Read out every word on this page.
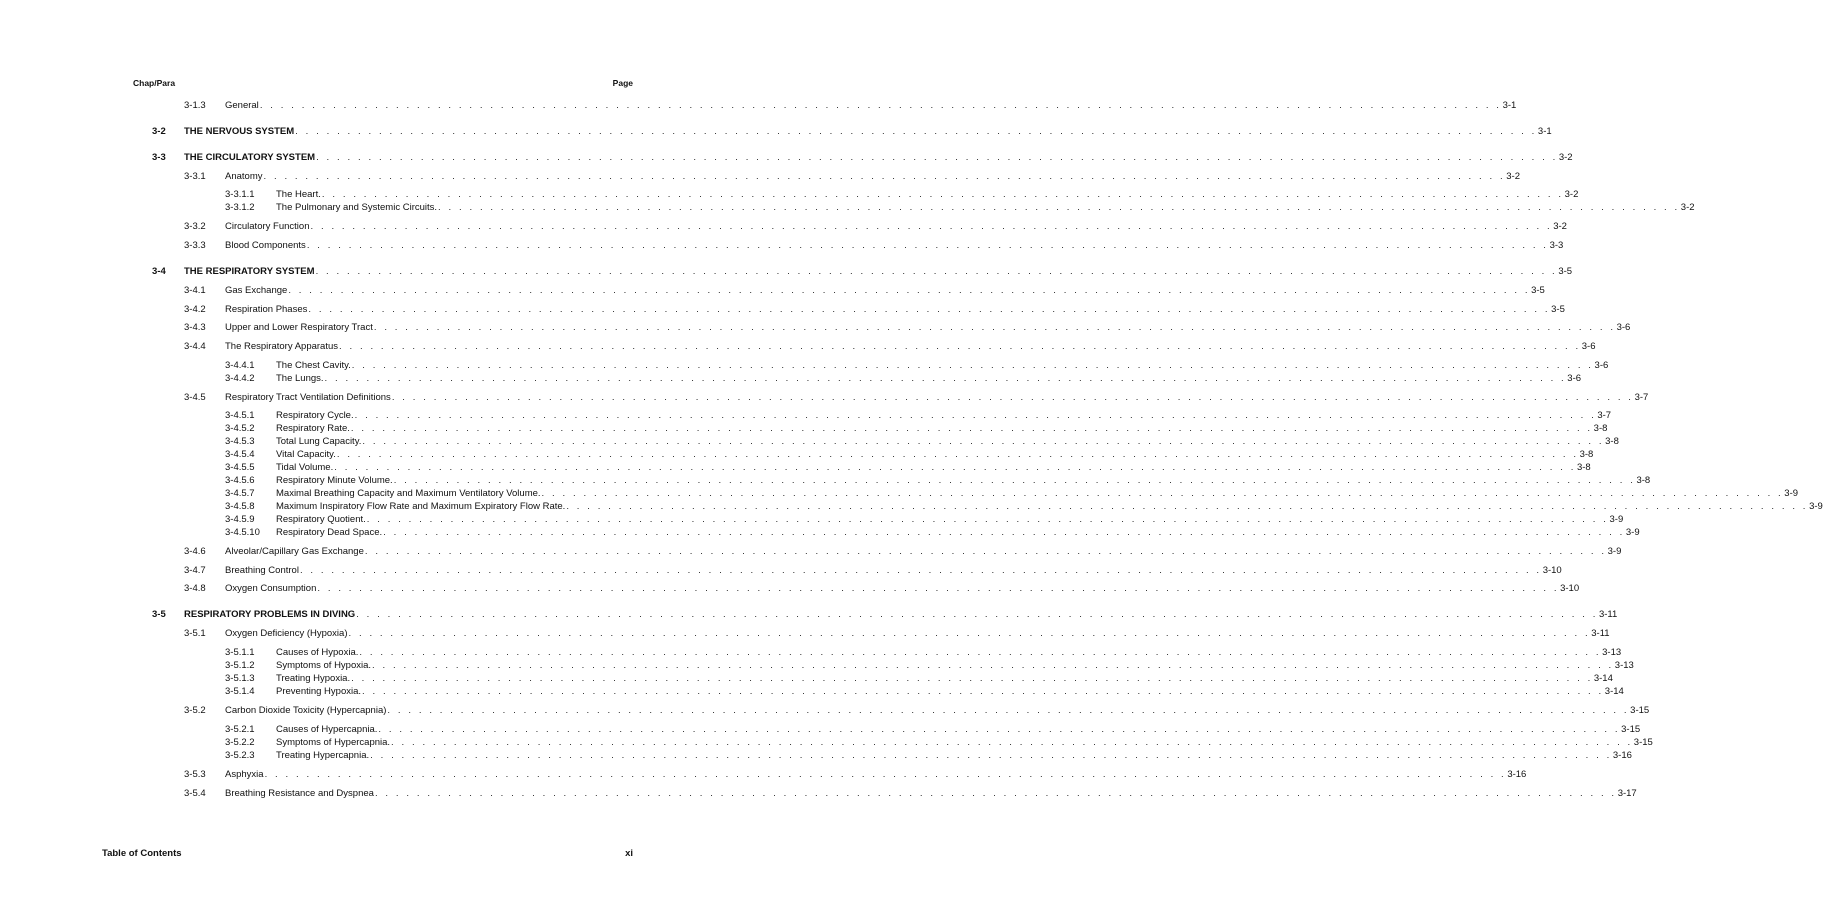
Chap/Para	Page
3-1.3 General . . . . . . . . . . . . . . . . . . . . . . . . . . . . . . . . . . . . . . . . . . . . . . . . . . . . . . . . . . . . . . . . . . . . . . . . . . . . . . . . . . . . . . . . . . . . . . . . . . . . . . . . . . . . . . . . . . . . . . . 3-1
3-2 THE NERVOUS SYSTEM . . . . . . . . . . . . . . . . . . . . . . . . . . . . . . . . . . . . . . . . . . . . . . . . . . . . . . . . . . . . . . . . . . . . . . . . . . . . . . . . . . . . . . . . . . . . . . . . . . . . . . . . . . . . . . . . . . . . . . . 3-1
3-3 THE CIRCULATORY SYSTEM . . . . . . . . . . . . . . . . . . . . . . . . . . . . . . . . . . . . . . . . . . . . . . . . . . . . . . . . . . . . . . . . . . . . . . . . . . . . . . . . . . . . . . . . . . . . . . . . . . . . . . . . . . . . . . . . . . . . . . . 3-2
3-3.1 Anatomy . . . . . . . . . . . . . . . . . . . . . . . . . . . . . . . . . . . . . . . . . . . . . . . . . . . . . . . . . . . . . . . . . . . . . . . . . . . . . . . . . . . . . . . . . . . . . . . . . . . . . . . . . . . . . . . . . . . . . . . 3-2
3-3.1.1 The Heart. . . . . . . . . . . . . . . . . . . . . . . . . . . . . . . . . . . . . . . . . . . . . . . . . . . . . . . . . . . . . . . . . . . . . . . . . . . . . . . . . . . . . . . . . . . . . . . . . . . . . . . . . . . . . . . . . . . . . . . . 3-2
3-3.1.2 The Pulmonary and Systemic Circuits. . . . . . . . . . . . . . . . . . . . . . . . . . . . . . . . . . . . . . . . . . . . . . . . . . . . . . . . . . . . . . . . . . . . . . . . . . . . . . . . . . . . . . . . . . . . . . . . . . . . . . . . . . . . . . . . . . . . . . . . 3-2
3-3.2 Circulatory Function . . . . . . . . . . . . . . . . . . . . . . . . . . . . . . . . . . . . . . . . . . . . . . . . . . . . . . . . . . . . . . . . . . . . . . . . . . . . . . . . . . . . . . . . . . . . . . . . . . . . . . . . . . . . . . . . . . . . . . . 3-2
3-3.3 Blood Components . . . . . . . . . . . . . . . . . . . . . . . . . . . . . . . . . . . . . . . . . . . . . . . . . . . . . . . . . . . . . . . . . . . . . . . . . . . . . . . . . . . . . . . . . . . . . . . . . . . . . . . . . . . . . . . . . . . . . . . 3-3
3-4 THE RESPIRATORY SYSTEM . . . . . . . . . . . . . . . . . . . . . . . . . . . . . . . . . . . . . . . . . . . . . . . . . . . . . . . . . . . . . . . . . . . . . . . . . . . . . . . . . . . . . . . . . . . . . . . . . . . . . . . . . . . . . . . . . . . . . . . 3-5
3-4.1 Gas Exchange . . . . . . . . . . . . . . . . . . . . . . . . . . . . . . . . . . . . . . . . . . . . . . . . . . . . . . . . . . . . . . . . . . . . . . . . . . . . . . . . . . . . . . . . . . . . . . . . . . . . . . . . . . . . . . . . . . . . . . . 3-5
3-4.2 Respiration Phases . . . . . . . . . . . . . . . . . . . . . . . . . . . . . . . . . . . . . . . . . . . . . . . . . . . . . . . . . . . . . . . . . . . . . . . . . . . . . . . . . . . . . . . . . . . . . . . . . . . . . . . . . . . . . . . . . . . . . . . 3-5
3-4.3 Upper and Lower Respiratory Tract . . . . . . . . . . . . . . . . . . . . . . . . . . . . . . . . . . . . . . . . . . . . . . . . . . . . . . . . . . . . . . . . . . . . . . . . . . . . . . . . . . . . . . . . . . . . . . . . . . . . . . . . . . . . . . . . . . . . . . . 3-6
3-4.4 The Respiratory Apparatus . . . . . . . . . . . . . . . . . . . . . . . . . . . . . . . . . . . . . . . . . . . . . . . . . . . . . . . . . . . . . . . . . . . . . . . . . . . . . . . . . . . . . . . . . . . . . . . . . . . . . . . . . . . . . . . . . . . . . . . 3-6
3-4.4.1 The Chest Cavity. . . . . . . . . . . . . . . . . . . . . . . . . . . . . . . . . . . . . . . . . . . . . . . . . . . . . . . . . . . . . . . . . . . . . . . . . . . . . . . . . . . . . . . . . . . . . . . . . . . . . . . . . . . . . . . . . . . . . . . . 3-6
3-4.4.2 The Lungs. . . . . . . . . . . . . . . . . . . . . . . . . . . . . . . . . . . . . . . . . . . . . . . . . . . . . . . . . . . . . . . . . . . . . . . . . . . . . . . . . . . . . . . . . . . . . . . . . . . . . . . . . . . . . . . . . . . . . . . . 3-6
3-4.5 Respiratory Tract Ventilation Definitions . . . . . . . . . . . . . . . . . . . . . . . . . . . . . . . . . . . . . . . . . . . . . . . . . . . . . . . . . . . . . . . . . . . . . . . . . . . . . . . . . . . . . . . . . . . . . . . . . . . . . . . . . . . . . . . . . . . . . . . 3-7
3-4.5.1 Respiratory Cycle. . . . . . . . . . . . . . . . . . . . . . . . . . . . . . . . . . . . . . . . . . . . . . . . . . . . . . . . . . . . . . . . . . . . . . . . . . . . . . . . . . . . . . . . . . . . . . . . . . . . . . . . . . . . . . . . . . . . . . . . 3-7
3-4.5.2 Respiratory Rate. . . . . . . . . . . . . . . . . . . . . . . . . . . . . . . . . . . . . . . . . . . . . . . . . . . . . . . . . . . . . . . . . . . . . . . . . . . . . . . . . . . . . . . . . . . . . . . . . . . . . . . . . . . . . . . . . . . . . . . . 3-8
3-4.5.3 Total Lung Capacity. . . . . . . . . . . . . . . . . . . . . . . . . . . . . . . . . . . . . . . . . . . . . . . . . . . . . . . . . . . . . . . . . . . . . . . . . . . . . . . . . . . . . . . . . . . . . . . . . . . . . . . . . . . . . . . . . . . . . . . . 3-8
3-4.5.4 Vital Capacity. . . . . . . . . . . . . . . . . . . . . . . . . . . . . . . . . . . . . . . . . . . . . . . . . . . . . . . . . . . . . . . . . . . . . . . . . . . . . . . . . . . . . . . . . . . . . . . . . . . . . . . . . . . . . . . . . . . . . . . . 3-8
3-4.5.5 Tidal Volume. . . . . . . . . . . . . . . . . . . . . . . . . . . . . . . . . . . . . . . . . . . . . . . . . . . . . . . . . . . . . . . . . . . . . . . . . . . . . . . . . . . . . . . . . . . . . . . . . . . . . . . . . . . . . . . . . . . . . . . . 3-8
3-4.5.6 Respiratory Minute Volume. . . . . . . . . . . . . . . . . . . . . . . . . . . . . . . . . . . . . . . . . . . . . . . . . . . . . . . . . . . . . . . . . . . . . . . . . . . . . . . . . . . . . . . . . . . . . . . . . . . . . . . . . . . . . . . . . . . . . . . . 3-8
3-4.5.7 Maximal Breathing Capacity and Maximum Ventilatory Volume. . . . . . . . . . . . . . . . . . . . . . . . . . . . . . . . . . . . . . . . . . . . . . . . . . . . . . . . . . . . . . . . . . . . . . . . . . . . . . . . . . . . . . . . . . . . . . . . . . . . . . . . . . . . . . . . . . . . . . . . 3-9
3-4.5.8 Maximum Inspiratory Flow Rate and Maximum Expiratory Flow Rate. . . . . . . . . . . . . . . . . . . . . . . . . . . . . . . . . . . . . . . . . . . . . . . . . . . . . . . . . . . . . . . . . . . . . . . . . . . . . . . . . . . . . . . . . . . . . . . . . . . . . . . . . . . . . . . . . . . . . . . . 3-9
3-4.5.9 Respiratory Quotient. . . . . . . . . . . . . . . . . . . . . . . . . . . . . . . . . . . . . . . . . . . . . . . . . . . . . . . . . . . . . . . . . . . . . . . . . . . . . . . . . . . . . . . . . . . . . . . . . . . . . . . . . . . . . . . . . . . . . . . . 3-9
3-4.5.10 Respiratory Dead Space. . . . . . . . . . . . . . . . . . . . . . . . . . . . . . . . . . . . . . . . . . . . . . . . . . . . . . . . . . . . . . . . . . . . . . . . . . . . . . . . . . . . . . . . . . . . . . . . . . . . . . . . . . . . . . . . . . . . . . . . 3-9
3-4.6 Alveolar/Capillary Gas Exchange . . . . . . . . . . . . . . . . . . . . . . . . . . . . . . . . . . . . . . . . . . . . . . . . . . . . . . . . . . . . . . . . . . . . . . . . . . . . . . . . . . . . . . . . . . . . . . . . . . . . . . . . . . . . . . . . . . . . . . . 3-9
3-4.7 Breathing Control . . . . . . . . . . . . . . . . . . . . . . . . . . . . . . . . . . . . . . . . . . . . . . . . . . . . . . . . . . . . . . . . . . . . . . . . . . . . . . . . . . . . . . . . . . . . . . . . . . . . . . . . . . . . . . . . . . . . . . . 3-10
3-4.8 Oxygen Consumption . . . . . . . . . . . . . . . . . . . . . . . . . . . . . . . . . . . . . . . . . . . . . . . . . . . . . . . . . . . . . . . . . . . . . . . . . . . . . . . . . . . . . . . . . . . . . . . . . . . . . . . . . . . . . . . . . . . . . . . 3-10
3-5 RESPIRATORY PROBLEMS IN DIVING . . . . . . . . . . . . . . . . . . . . . . . . . . . . . . . . . . . . . . . . . . . . . . . . . . . . . . . . . . . . . . . . . . . . . . . . . . . . . . . . . . . . . . . . . . . . . . . . . . . . . . . . . . . . . . . . . . . . . . . 3-11
3-5.1 Oxygen Deficiency (Hypoxia) . . . . . . . . . . . . . . . . . . . . . . . . . . . . . . . . . . . . . . . . . . . . . . . . . . . . . . . . . . . . . . . . . . . . . . . . . . . . . . . . . . . . . . . . . . . . . . . . . . . . . . . . . . . . . . . . . . . . . . . 3-11
3-5.1.1 Causes of Hypoxia. . . . . . . . . . . . . . . . . . . . . . . . . . . . . . . . . . . . . . . . . . . . . . . . . . . . . . . . . . . . . . . . . . . . . . . . . . . . . . . . . . . . . . . . . . . . . . . . . . . . . . . . . . . . . . . . . . . . . . . . 3-13
3-5.1.2 Symptoms of Hypoxia. . . . . . . . . . . . . . . . . . . . . . . . . . . . . . . . . . . . . . . . . . . . . . . . . . . . . . . . . . . . . . . . . . . . . . . . . . . . . . . . . . . . . . . . . . . . . . . . . . . . . . . . . . . . . . . . . . . . . . . . 3-13
3-5.1.3 Treating Hypoxia. . . . . . . . . . . . . . . . . . . . . . . . . . . . . . . . . . . . . . . . . . . . . . . . . . . . . . . . . . . . . . . . . . . . . . . . . . . . . . . . . . . . . . . . . . . . . . . . . . . . . . . . . . . . . . . . . . . . . . . . 3-14
3-5.1.4 Preventing Hypoxia. . . . . . . . . . . . . . . . . . . . . . . . . . . . . . . . . . . . . . . . . . . . . . . . . . . . . . . . . . . . . . . . . . . . . . . . . . . . . . . . . . . . . . . . . . . . . . . . . . . . . . . . . . . . . . . . . . . . . . . . 3-14
3-5.2 Carbon Dioxide Toxicity (Hypercapnia) . . . . . . . . . . . . . . . . . . . . . . . . . . . . . . . . . . . . . . . . . . . . . . . . . . . . . . . . . . . . . . . . . . . . . . . . . . . . . . . . . . . . . . . . . . . . . . . . . . . . . . . . . . . . . . . . . . . . . . . 3-15
3-5.2.1 Causes of Hypercapnia. . . . . . . . . . . . . . . . . . . . . . . . . . . . . . . . . . . . . . . . . . . . . . . . . . . . . . . . . . . . . . . . . . . . . . . . . . . . . . . . . . . . . . . . . . . . . . . . . . . . . . . . . . . . . . . . . . . . . . . . 3-15
3-5.2.2 Symptoms of Hypercapnia. . . . . . . . . . . . . . . . . . . . . . . . . . . . . . . . . . . . . . . . . . . . . . . . . . . . . . . . . . . . . . . . . . . . . . . . . . . . . . . . . . . . . . . . . . . . . . . . . . . . . . . . . . . . . . . . . . . . . . . . 3-15
3-5.2.3 Treating Hypercapnia. . . . . . . . . . . . . . . . . . . . . . . . . . . . . . . . . . . . . . . . . . . . . . . . . . . . . . . . . . . . . . . . . . . . . . . . . . . . . . . . . . . . . . . . . . . . . . . . . . . . . . . . . . . . . . . . . . . . . . . . 3-16
3-5.3 Asphyxia . . . . . . . . . . . . . . . . . . . . . . . . . . . . . . . . . . . . . . . . . . . . . . . . . . . . . . . . . . . . . . . . . . . . . . . . . . . . . . . . . . . . . . . . . . . . . . . . . . . . . . . . . . . . . . . . . . . . . . . 3-16
3-5.4 Breathing Resistance and Dyspnea . . . . . . . . . . . . . . . . . . . . . . . . . . . . . . . . . . . . . . . . . . . . . . . . . . . . . . . . . . . . . . . . . . . . . . . . . . . . . . . . . . . . . . . . . . . . . . . . . . . . . . . . . . . . . . . . . . . . . . . 3-17
Table of Contents	xi
